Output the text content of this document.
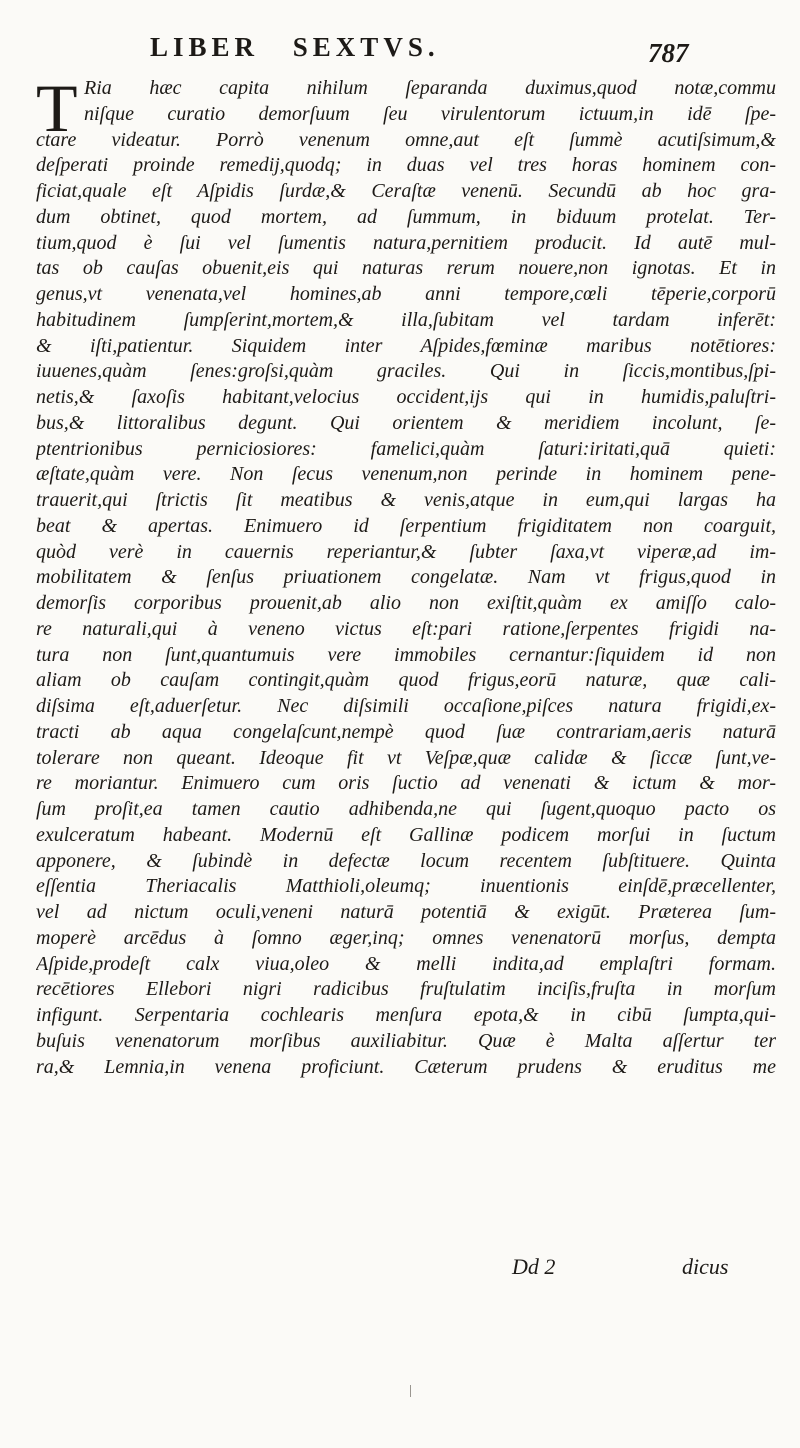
LIBER SEXTVS.	787
T Ria hæc capita nihilum ſeparanda duximus,quod notæ,commu
niſque curatio demorſuum ſeu virulentorum ictuum,in idē ſpe-
ctare videatur. Porrò venenum omne,aut eſt ſummè acutiſsimum,&
deſperati proinde remedij,quodq; in duas vel tres horas hominem con-
ficiat,quale eſt Aſpidis ſurdæ,& Ceraſtæ venenū. Secundū ab hoc gra-
dum obtinet, quod mortem, ad ſummum, in biduum protelat. Ter-
tium,quod è ſui vel ſumentis natura,pernitiem producit. Id autē mul-
tas ob cauſas obuenit,eis qui naturas rerum nouere,non ignotas. Et in
genus,vt venenata,vel homines,ab anni tempore,cœli tēperie,corporū
habitudinem ſumpſerint,mortem,& illa,ſubitam vel tardam inferēt:
& iſti,patientur. Siquidem inter Aſpides,fœminæ maribus notētiores:
iuuenes,quàm ſenes:groſsi,quàm graciles. Qui in ſiccis,montibus,ſpi-
netis,& ſaxoſis habitant,velocius occident,ijs qui in humidis,paluſtri-
bus,& littoralibus degunt. Qui orientem & meridiem incolunt, ſe-
ptentrionibus perniciosiores: famelici,quàm ſaturi:iritati,quā quieti:
æſtate,quàm vere. Non ſecus venenum,non perinde in hominem pene-
trauerit,qui ſtrictis ſit meatibus & venis,atque in eum,qui largas ha
beat & apertas. Enimuero id ſerpentium frigiditatem non coarguit,
quòd verè in cauernis reperiantur,& ſubter ſaxa,vt viperæ,ad im-
mobilitatem & ſenſus priuationem congelatæ. Nam vt frigus,quod in
demorſis corporibus prouenit,ab alio non exiſtit,quàm ex amiſſo calo-
re naturali,qui à veneno victus eſt:pari ratione,ſerpentes frigidi na-
tura non ſunt,quantumuis vere immobiles cernantur:ſiquidem id non
aliam ob cauſam contingit,quàm quod frigus,eorū naturæ, quæ cali-
diſsima eſt,aduerſetur. Nec diſsimili occaſione,piſces natura frigidi,ex-
tracti ab aqua congelaſcunt,nempè quod ſuæ contrariam,aeris naturā
tolerare non queant. Ideoque fit vt Veſpæ,quæ calidæ & ſiccæ ſunt,ve-
re moriantur. Enimuero cum oris ſuctio ad venenati & ictum & mor-
ſum proſit,ea tamen cautio adhibenda,ne qui ſugent,quoquo pacto os
exulceratum habeant. Modernū eſt Gallinæ podicem morſui in ſuctum
apponere, & ſubindè in defectæ locum recentem ſubſtituere. Quinta
eſſentia Theriacalis Matthioli,oleumq; inuentionis einſdē,præcellenter,
vel ad nictum oculi,veneni naturā potentiā & exigūt. Præterea ſum-
moperè arcēdus à ſomno æger,inq; omnes venenatorū morſus, dempta
Aſpide,prodeſt calx viua,oleo & melli indita,ad emplaſtri formam.
recētiores Ellebori nigri radicibus fruſtulatim inciſis,fruſta in morſum
infigunt. Serpentaria cochlearis menſura epota,& in cibū ſumpta,qui-
buſuis venenatorum morſibus auxiliabitur. Quæ è Malta aſſertur ter
ra,& Lemnia,in venena proficiunt. Cæterum prudens & eruditus me
Dd 2	dicus
